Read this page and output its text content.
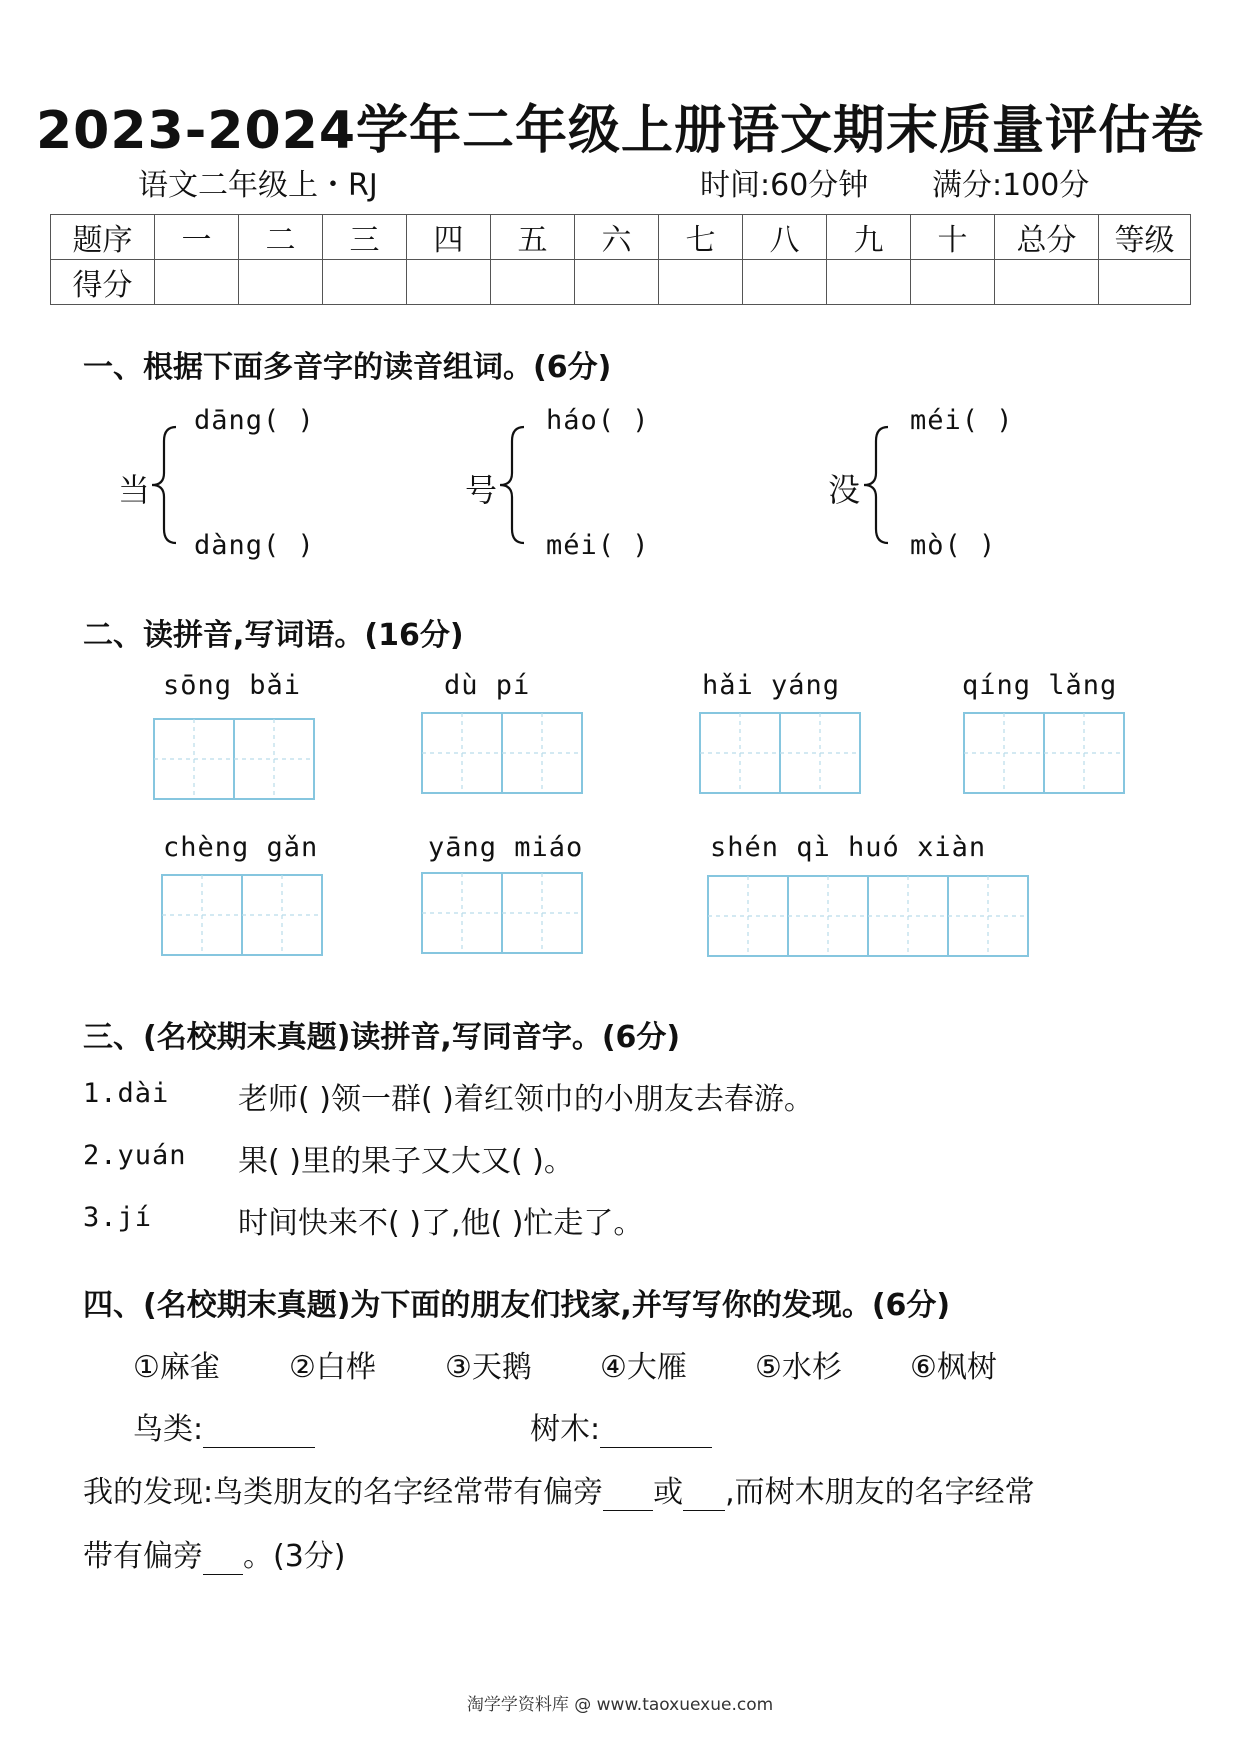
2023-2024学年二年级上册语文期末质量评估卷
语文二年级上・RJ	时间:60分钟 满分:100分
题序	一	二	三	四	五	六	七	八	九	十	总分	等级
得分												
一、根据下面多音字的读音组词。(6分)
当
dāng( )
dàng( )
号
háo( )
méi( )
没
méi( )
mò( )
二、读拼音,写词语。(16分)
sōng bǎi	dù pí	hǎi yáng	qíng lǎng
chèng gǎn	yāng miáo	shén qì huó xiàn
三、(名校期末真题)读拼音,写同音字。(6分)
1.dài 老师( )领一群( )着红领巾的小朋友去春游。
2.yuán 果( )里的果子又大又( )。
3.jí	时间快来不( )了,他( )忙走了。
四、(名校期末真题)为下面的朋友们找家,并写写你的发现。(6分)
①麻雀 ②白桦 ③天鹅 ④大雁 ⑤水杉 ⑥枫树
鸟类:	树木:
我的发现:鸟类朋友的名字经常带有偏旁 或 ,而树木朋友的名字经常
带有偏旁 。(3分)
淘学学资料库 @ www.taoxuexue.com
